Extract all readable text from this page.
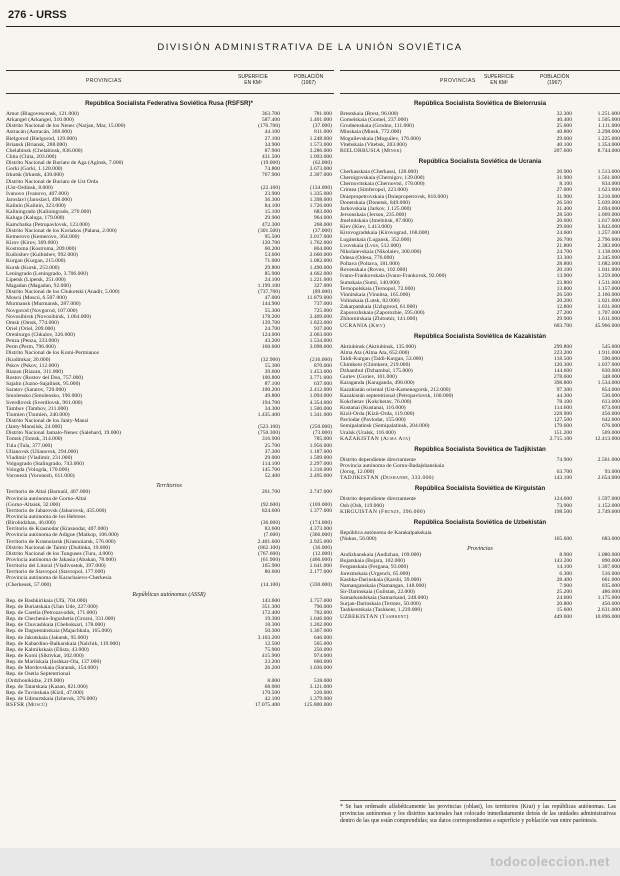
276 - URSS
DIVISIÓN ADMINISTRATIVA DE LA UNIÓN SOVIÉTICA
PROVINCIAS
SUPERFICIE
EN KM²
POBLACIÓN
(1967)	PROVINCIAS
SUPERFICIE
EN KM²
POBLACIÓN
(1967)
República Socialista Federativa Soviética Rusa (RSFSR)*
Amur (Blagovescensk, 121.000)	363.700	781.000
Arkangel (Arkangel, 310.000)	587.400	1.401.000
Distrito Nacional de los Nenec (Narjan, Mar, 15.000)	(176.700)	(37.000)
Astracán (Astracán, 368.000)	44.100	811.000
Bielgorod (Bielgorod, 129.000)	27.100	1.248.000
Briansk (Briansk, 288.000)	34.900	1.573.000
Chelabinsk (Chelabinsk, 836.000)	87.900	3.286.000
Chita (Chita, 203.000)	431.500	1.093.000
Distrito Nacional de Buriato de Aga (Aginsk, 7.000)	(19.000)	(62.000)
Gorki (Gorki, 1.120.000)	74.800	3.673.000
Irkutsk (Irkutsk, 430.000)	767.900	2.307.000
Distrito Nacional de Buriato de Ust Orda
(Ust-Ordinsk, 8.000)	(22.100)	(134.000)
Ivanovo (Ivanovo, 407.000)	23.900	1.335.000
Jaroslavl (Jaroslavl, 498.000)	36.300	1.398.000
Kalinin (Kalinin, 323.000)	84.100	1.726.000
Kaliningrado (Kaliningrado, 270.000)	15.100	683.000
Kaluga (Kaluga, 179.000)	29.900	964.000
Kamchatka (Petropavlovsk, 123.000)	472.300	268.000
Distrito Nacional de los Koriakos (Palana, 2.000)	(301.500)	(37.000)
Kemerovo (Kemerovo, 364.000)	95.500	3.017.000
Kirov (Kirov, 309.000)	120.700	1.762.000
Kostroma (Kostroma, 209.000)	60.200	864.000
Kuibishev (Kuibishev, 992.000)	53.600	2.660.000
Kurgan (Kurgan, 215.000)	71.000	1.082.000
Kursk (Kursk, 253.000)	29.800	1.490.000
Leningrado (Leningrado, 3.706.000)	85.900	4.662.000
Lipetsk (Lipetsk, 251.000)	24.100	1.221.000
Magadan (Magadan, 92.000)	1.199.100	327.000
Distrito Nacional de los Chukotski (Anadir, 5.000)	(737.700)	(89.000)
Moscú (Moscú, 6.507.000)	47.000	11.879.000
Murmansk (Murmansk, 287.000)	144.900	737.000
Novgorod (Novgorod, 107.000)	55.300	725.000
Novosibirsk (Novosibirsk, 1.064.000)	178.200	2.469.000
Omsk (Omsk, 774.000)	139.700	1.823.000
Oriel (Oriel, 209.000)	24.700	937.000
Orenburgo (Chkalov, 326.000)	124.000	2.063.000
Penza (Penza, 333.000)	43.200	1.534.000
Perm (Perm, 796.000)	160.600	3.098.000
Distrito Nacional de los Komi-Permianos
(Kudimkar, 20.000)	(32.900)	(216.000)
Pskov (Pskov, 112.000)	55.300	870.000
Riazan (Riazan, 311.000)	39.600	1.453.000
Rostov (Rostov del Don, 757.000)	100.800	3.771.000
Sajalin (Juzno-Sajalinsk, 95.000)	87.100	637.000
Saratov (Saratov, 720.000)	100.200	2.412.000
Smolensko (Smolensko, 196.000)	49.800	1.094.000
Sverdlovsk (Sverdlovsk, 961.000)	194.700	4.354.000
Tambov (Tambov, 211.000)	34.300	1.500.000
Tiumien (Tiumien, 240.000)	1.435.400	1.341.000
Distrito Nacional de los Janty-Mansi
(Janty-Mansiisk, 24.000)	(523.100)	(250.000)
Distrito Nacional Jamalo-Nenec (Salehard, 19.000)	(750.300)	(73.000)
Tomsk (Tomsk, 314.000)	316.900	785.000
Tula (Tula, 377.000)	25.700	1.956.000
Ulianovsk (Ulianovsk, 294.000)	37.300	1.187.000
Vladimir (Vladimir, 231.000)	29.000	1.509.000
Volgogrado (Stalingrado, 743.000)	114.100	2.297.000
Vologda (Vologda, 170.000)	145.700	1.318.000
Voronezh (Voronezh, 611.000)	52.400	2.495.000
Territorios
Territorio de Altai (Barnaúl, 407.000)	261.700	2.747.000
Provincia autónoma de Gorno-Altai
(Gorno-Altaisk, 32.000)	(92.600)	(169.000)
Territorio de Jabarovsk (Jabarovsk, 435.000)	824.600	1.377.000
Provincia autónoma de los Hebreos
(Birobidzhan, 46.000)	(36.000)	(174.000)
Territorio de Krasnodar (Krasnodar, 407.000)	83.600	4.373.000
Provincia autónoma de Adigue (Maikop, 106.000)	(7.600)	(366.000)
Territorio de Krasnoiarsk (Krasnoiarsk, 576.000)	2.401.600	2.925.000
Distrito Nacional de Taimir (Dudinka, 19.000)	(862.100)	(36.000)
Distrito Nacional de los Tunguses (Tura, 4.000)	(767.600)	(12.000)
Provincia autónoma de Jakasia (Abakan, 78.000)	(61.900)	(466.000)
Territorio del Litoral (Vladivostok, 397.000)	165.900	1.641.000
Territorio de Stavropol (Stavropol, 177.000)	80.600	2.177.000
Provincia autónoma de Karachaievo-Cherkesia
(Cherkessk, 57.000)	(14.100)	(330.000)
Repúblicas autónomas (ASSR)
Rep. de Bashkirikaia (Ufá, 704.000)	143.600	3.757.000
Rep. de Buriatskaia (Ulan Ude, 227.000)	351.300	790.000
Rep. de Carelia (Petrozavodsk, 171.000)	172.400	702.000
Rep. de Chechenio-Ingushetia (Grozni, 331.000)	19.300	1.046.000
Rep. de Chuvashkaia (Cheboksari, 178.000)	18.300	1.202.000
Rep. de Daguestánskaia (Majachkala, 165.000)	50.300	1.367.000
Rep. de Jakutskaia (Jakutsk, 95.000)	3.103.200	646.000
Rep. de Kabardino-Balkarskaia (Nalchik, 119.000)	12.500	565.000
Rep. de Kalmikskaia (Elista, 43.000)	75.900	250.000
Rep. de Komi (Siktivkar, 102.000)	415.900	974.000
Rep. de Mariiskaia (Ioshkar-Ola, 137.000)	23.200	660.000
Rep. de Mordovskaia (Saransk, 154.000)	26.200	1.036.000
Rep. de Osetia Septentrional
(Ordzhonikidze, 219.000)	8.000	518.000
Rep. de Tatarskaia (Kazan, 821.000)	68.000	3.121.000
Rep. de Tuvinskaia (Kizil, 47.000)	170.500	226.000
Rep. de Udmurtskaia (Izhevsk, 376.000)	42.100	1.379.000
RSFSR (Moscú)	17.075.400	125.800.000
República Socialista Soviética de Bielorrusia
Brestskaia (Brest, 96.000)	32.300	1.251.000
Gomelskaia (Gomel, 237.000)	40.400	1.505.000
Grodnenskaia (Grodno, 111.000)	25.000	1.111.000
Minskaia (Minsk, 772.000)	40.800	2.298.000
Moguilevskaia (Moguilev, 176.000)	29.000	1.225.000
Vitebskaia (Vitebsk, 203.000)	40.100	1.354.000
BIELORRUSIA (Minsk)	207.600	8.744.000
República Socialista Soviética de Ucrania
Cherkasskaia (Cherkassi, 128.000)	20.900	1.513.000
Chernigovskaia (Chernigov, 139.000)	31.900	1.561.000
Chernovitskaia (Chernovtsi, 178.000)	8.100	834.000
Crimea (Simferopol, 223.000)	27.000	1.623.000
Dniepropetrovskaia (Dniepropetrovsk, 816.000)	31.900	3.216.000
Donetskaia (Donetsk, 849.000)	26.500	5.039.000
Jarkovskaia (Jarkov, 1.125.000)	31.400	2.694.000
Jersonskaia (Jerson, 235.000)	28.500	1.069.000
Jmelnitskaia (Jmelnitsk, 87.000)	20.600	1.617.000
Kiev (Kiev, 1.413.000)	29.000	3.843.000
Kirovogradskaia (Kirovograd, 168.000)	24.600	1.257.000
Lugánskaia (Lugansk, 352.000)	26.700	2.796.000
Lvovskaia (Lvov, 512.000)	21.800	2.383.000
Nikolaievskaia (Nikolaiev, 300.000)	24.700	1.138.000
Odesa (Odesa, 776.000)	33.300	2.345.000
Poltava (Poltava, 181.000)	28.800	1.682.000
Rovenskaia (Rovno, 102.000)	20.100	1.041.000
Ivano-Frankovskaia (Ivano-Frankovsk, 92.000)	13.900	1.259.000
Sumskaia (Sumi, 140.000)	23.800	1.511.000
Ternopolskaia (Ternopol, 72.000)	13.800	1.157.000
Vinnitskaia (Vinnitsa, 165.000)	26.500	2.160.000
Volinskaia (Lutsk, 82.000)	20.200	1.021.000
Zakarpatskaia (Uzhgorod, 61.000)	12.800	1.031.000
Zaporozhskaia (Zaporozhie, 595.000)	27.200	1.707.000
Zhitomirskaia (Zhitomir, 141.000)	29.900	1.611.000
UCRANIA (Kiev)	603.700	45.966.000
República Socialista Soviética de Kazakistán
Aktiubinsk (Aktiubinsk, 135.000)	299.800	545.000
Alma Ata (Alma Ata, 652.000)	223.200	1.911.000
Taldi-Kurgan (Taldi-Kurgan, 53.000)	118.500	590.000
Chimkent (Chimkent, 219.000)	120.300	1.037.000
Dzhambul (Dzhambul, 175.000)	144.600	830.000
Guriev (Guriev, 101.000)	278.600	348.000
Karaganda (Karaganda, 498.000)	398.800	1.534.000
Kazakistán oriental (Ust-Kamenogorsk, 212.000)	97.300	854.000
Kazakistán septentrional (Petropavlovsk, 160.000)	44.300	530.000
Kokchetav (Kokchetav, 76.000)	78.100	613.000
Kustanai (Kustanai, 116.000)	114.600	873.000
Kizil-Orda (Kizil-Orda, 119.000)	228.900	456.000
Pavlodar (Pavlodar, 155.000)	127.500	642.000
Semipalatinsk (Semipalatinsk, 204.000)	179.600	676.000
Uralsk (Uralsk, 116.000)	151.200	569.000
KAZAKISTÁN (Alma Ata)	2.715.100	12.413.000
República Socialista Soviética de Tadjikistán
Distrito dependiente directamente	74.900	2.561.000
Provincia autónoma de Gorno-Badajshanskaia
(Jorog, 12.000)	63.700	93.000
TADJIKISTÁN (Dushanbe, 333.000)	143.100	2.654.000
República Socialista Soviética de Kirguistán
Distrito dependiente directamente	124.600	1.597.000
Osh (Osh, 119.000)	73.900	1.152.000
KIRGUISTÁN (Frunze, 396.000)	198.500	2.749.000
República Socialista Soviética de Uzbekistán
República autónoma de Karakalpakskaia
(Nukus, 56.000)	165.600	683.000
Provincias
Andizhanskaia (Andizhan, 169.000)	8.900	1.080.000
Bujarskaia (Bujara, 102.000)	143.200	890.000
Ferganskaia (Fergana, 93.000)	14.100	1.307.000
Jorezmskaia (Urgench, 65.000)	6.300	516.000
Kashka-Darinskaia (Karshi, 39.000)	28.400	661.000
Namanganskaia (Namangan, 148.000)	7.900	835.000
Sir-Darinskaia (Gulistan, 22.000)	25.200	486.000
Samarkandskaia (Samarkand, 248.000)	24.600	1.175.000
Surjan-Darinskaia (Termez, 50.000)	20.800	450.000
Tashkentskaia (Tashkent, 1.239.000)	15.600	2.631.000
UZBEKISTÁN (Tashkent)	449.600	10.896.000
* Se han ordenado alfabéticamente las provincias (oblast), los territorios (Krai) y las repúblicas autónomas. Las provincias autónomas y los distritos nacionales han colocado inmediatamente detrás de las unidades administrativas dentro de las que están comprendidas; sus datos correspondientes a superficie y población van entre paréntesis.
todocoleccion.net
